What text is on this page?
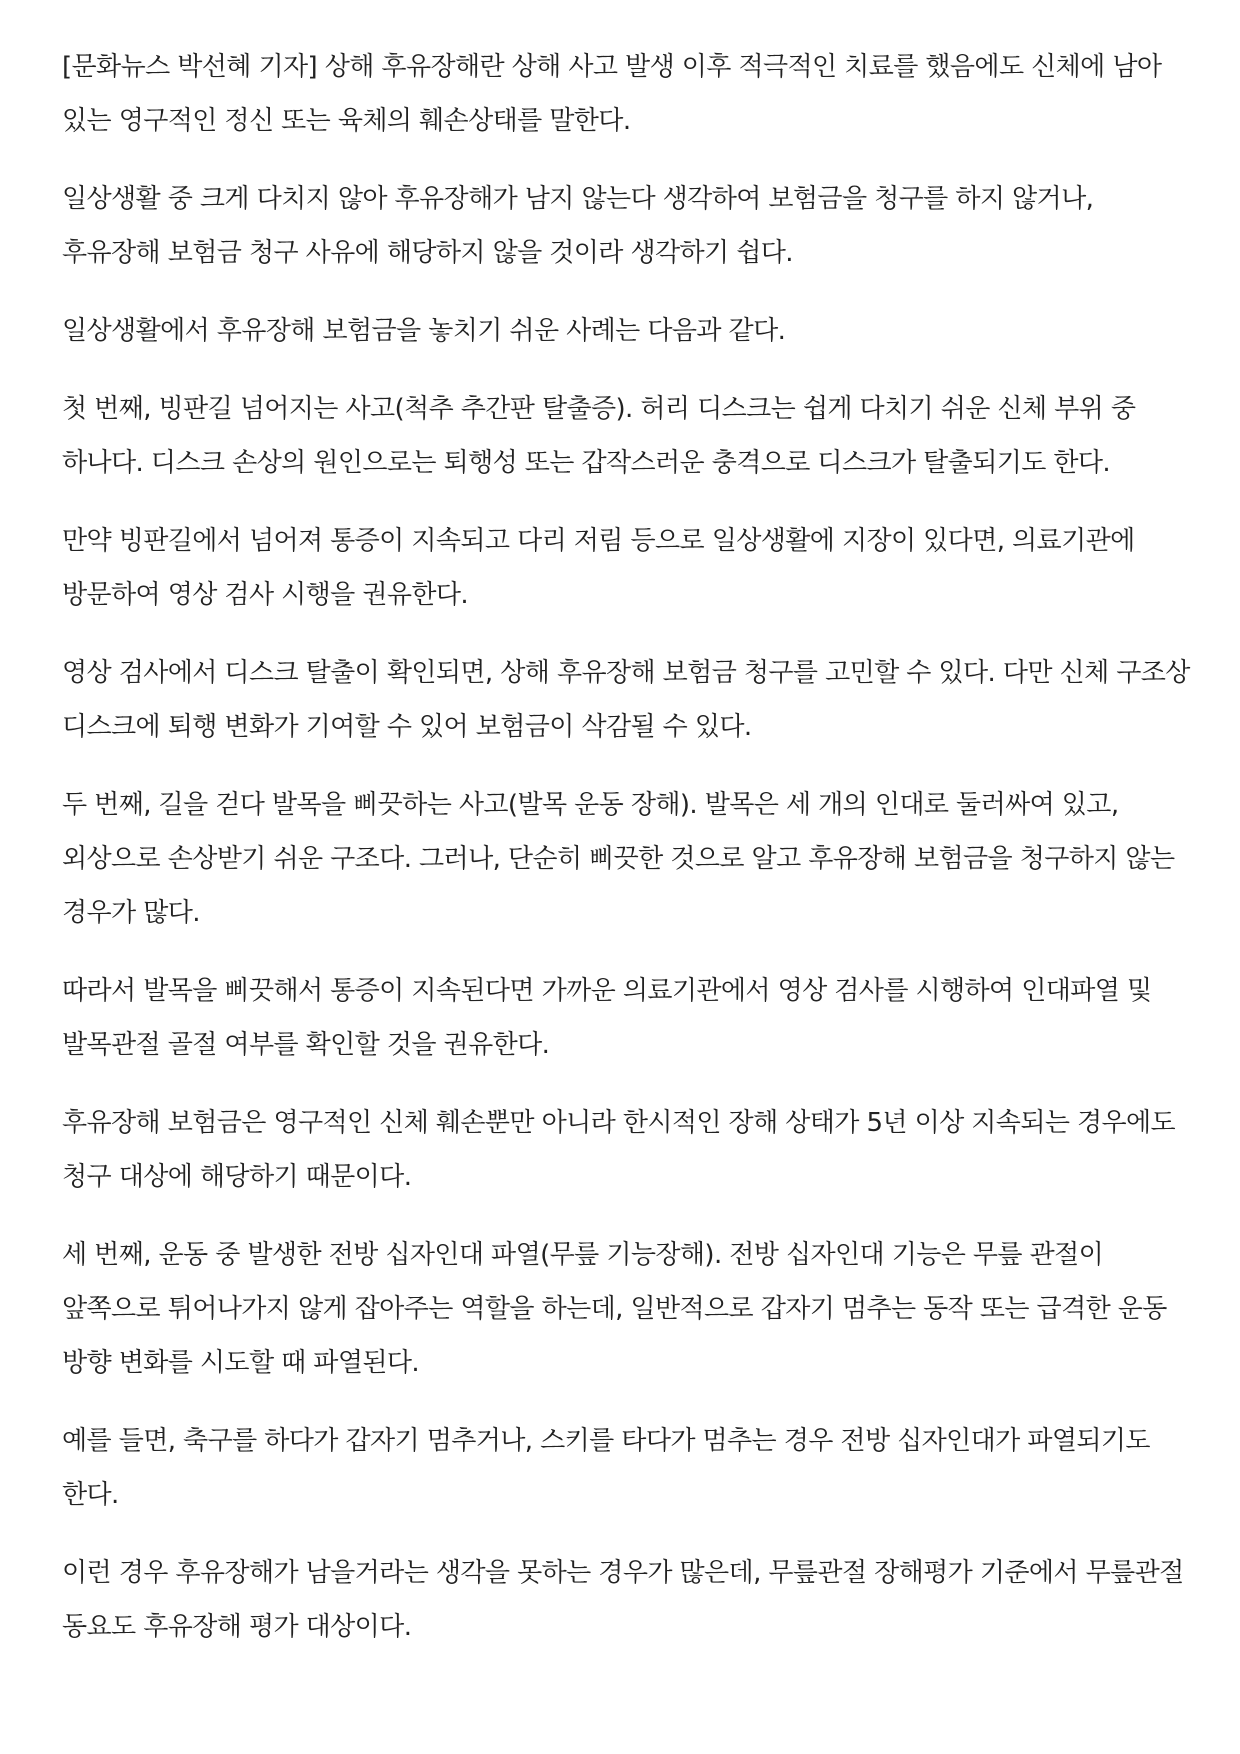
[문화뉴스 박선혜 기자] 상해 후유장해란 상해 사고 발생 이후 적극적인 치료를 했음에도 신체에 남아 있는 영구적인 정신 또는 육체의 훼손상태를 말한다.

일상생활 중 크게 다치지 않아 후유장해가 남지 않는다 생각하여 보험금을 청구를 하지 않거나, 후유장해 보험금 청구 사유에 해당하지 않을 것이라 생각하기 쉽다.

일상생활에서 후유장해 보험금을 놓치기 쉬운 사례는 다음과 같다.

첫 번째, 빙판길 넘어지는 사고(척추 추간판 탈출증). 허리 디스크는 쉽게 다치기 쉬운 신체 부위 중 하나다. 디스크 손상의 원인으로는 퇴행성 또는 갑작스러운 충격으로 디스크가 탈출되기도 한다.

만약 빙판길에서 넘어져 통증이 지속되고 다리 저림 등으로 일상생활에 지장이 있다면, 의료기관에 방문하여 영상 검사 시행을 권유한다.

영상 검사에서 디스크 탈출이 확인되면, 상해 후유장해 보험금 청구를 고민할 수 있다. 다만 신체 구조상 디스크에 퇴행 변화가 기여할 수 있어 보험금이 삭감될 수 있다.

두 번째, 길을 걷다 발목을 삐끗하는 사고(발목 운동 장해). 발목은 세 개의 인대로 둘러싸여 있고, 외상으로 손상받기 쉬운 구조다. 그러나, 단순히 삐끗한 것으로 알고 후유장해 보험금을 청구하지 않는 경우가 많다.

따라서 발목을 삐끗해서 통증이 지속된다면 가까운 의료기관에서 영상 검사를 시행하여 인대파열 및 발목관절 골절 여부를 확인할 것을 권유한다.

후유장해 보험금은 영구적인 신체 훼손뿐만 아니라 한시적인 장해 상태가 5년 이상 지속되는 경우에도 청구 대상에 해당하기 때문이다.

세 번째, 운동 중 발생한 전방 십자인대 파열(무릎 기능장해). 전방 십자인대 기능은 무릎 관절이 앞쪽으로 튀어나가지 않게 잡아주는 역할을 하는데, 일반적으로 갑자기 멈추는 동작 또는 급격한 운동 방향 변화를 시도할 때 파열된다.

예를 들면, 축구를 하다가 갑자기 멈추거나, 스키를 타다가 멈추는 경우 전방 십자인대가 파열되기도 한다.

이런 경우 후유장해가 남을거라는 생각을 못하는 경우가 많은데, 무릎관절 장해평가 기준에서 무릎관절 동요도 후유장해 평가 대상이다.
